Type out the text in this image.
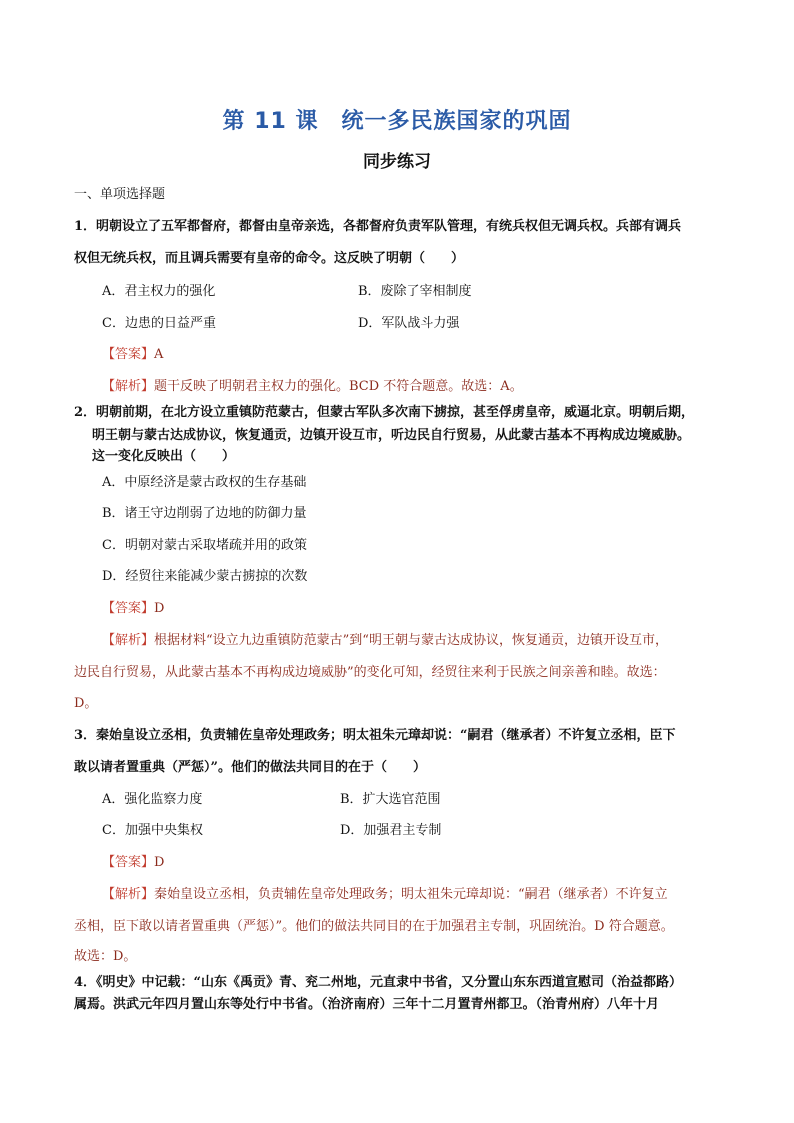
第 11 课　统一多民族国家的巩固
同步练习
一、单项选择题
1．明朝设立了五军都督府，都督由皇帝亲选，各都督府负责军队管理，有统兵权但无调兵权。兵部有调兵
权但无统兵权，而且调兵需要有皇帝的命令。这反映了明朝（　　）
A．君主权力的强化	B．废除了宰相制度
C．边患的日益严重	D．军队战斗力强
【答案】A
【解析】题干反映了明朝君主权力的强化。BCD 不符合题意。故选：A。
2．明朝前期，在北方设立重镇防范蒙古，但蒙古军队多次南下掳掠，甚至俘虏皇帝，威逼北京。明朝后期，
明王朝与蒙古达成协议，恢复通贡，边镇开设互市，听边民自行贸易，从此蒙古基本不再构成边境威胁。
这一变化反映出（　　）
A．中原经济是蒙古政权的生存基础
B．诸王守边削弱了边地的防御力量
C．明朝对蒙古采取堵疏并用的政策
D．经贸往来能减少蒙古掳掠的次数
【答案】D
【解析】根据材料“设立九边重镇防范蒙古”到“明王朝与蒙古达成协议，恢复通贡，边镇开设互市，
边民自行贸易，从此蒙古基本不再构成边境威胁”的变化可知，经贸往来利于民族之间亲善和睦。故选：
D。
3．秦始皇设立丞相，负责辅佐皇帝处理政务；明太祖朱元璋却说：“嗣君（继承者）不许复立丞相，臣下
敢以请者置重典（严惩）”。他们的做法共同目的在于（　　）
A．强化监察力度	B．扩大选官范围
C．加强中央集权	D．加强君主专制
【答案】D
【解析】秦始皇设立丞相，负责辅佐皇帝处理政务；明太祖朱元璋却说：“嗣君（继承者）不许复立
丞相，臣下敢以请者置重典（严惩）”。他们的做法共同目的在于加强君主专制，巩固统治。D 符合题意。
故选：D。
4．《明史》中记载：“山东《禹贡》青、兖二州地，元直隶中书省，又分置山东东西道宣慰司（治益都路）
属焉。洪武元年四月置山东等处行中书省。（治济南府）三年十二月置青州都卫。（治青州府）八年十月
